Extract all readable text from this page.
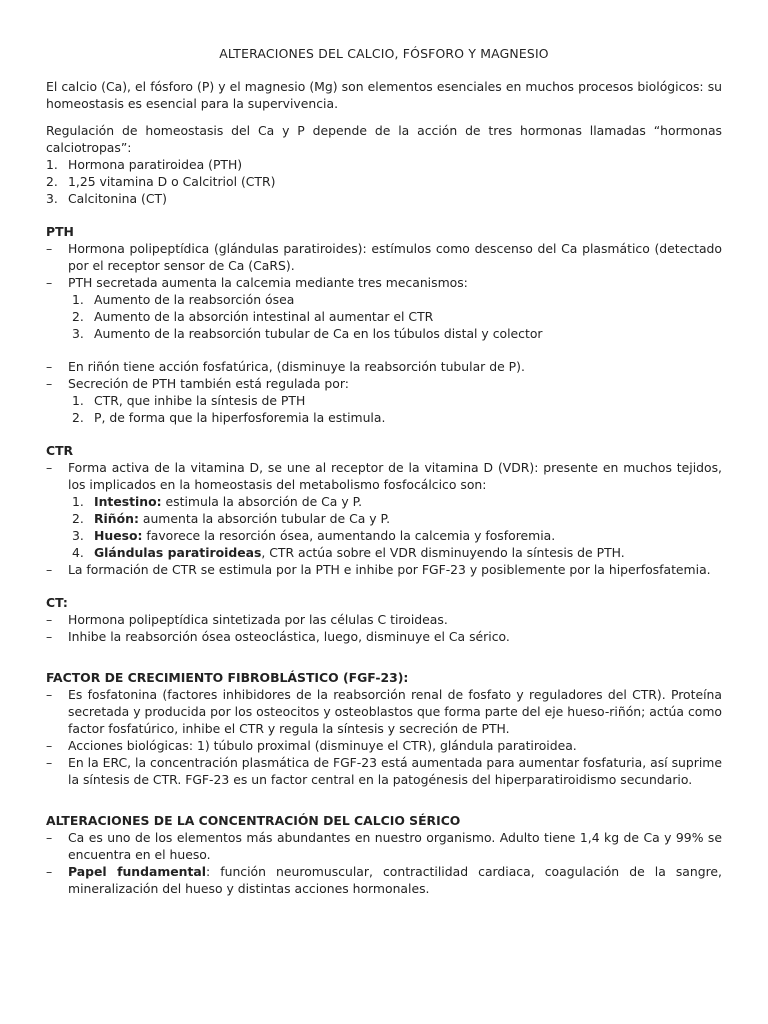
ALTERACIONES DEL CALCIO, FÓSFORO Y MAGNESIO

El calcio (Ca), el fósforo (P) y el magnesio (Mg) son elementos esenciales en muchos procesos biológicos: su homeostasis es esencial para la supervivencia.

Regulación de homeostasis del Ca y P depende de la acción de tres hormonas llamadas “hormonas calciotropas”:

1. Hormona paratiroidea (PTH)
2. 1,25 vitamina D o Calcitriol (CTR)
3. Calcitonina (CT)

PTH

– Hormona polipeptídica (glándulas paratiroides): estímulos como descenso del Ca plasmático (detectado por el receptor sensor de Ca (CaRS).
– PTH secretada aumenta la calcemia mediante tres mecanismos:
1. Aumento de la reabsorción ósea
2. Aumento de la absorción intestinal al aumentar el CTR
3. Aumento de la reabsorción tubular de Ca en los túbulos distal y colector
– En riñón tiene acción fosfatúrica, (disminuye la reabsorción tubular de P).
– Secreción de PTH también está regulada por:
1. CTR, que inhibe la síntesis de PTH
2. P, de forma que la hiperfosforemia la estimula.

CTR

– Forma activa de la vitamina D, se une al receptor de la vitamina D (VDR): presente en muchos tejidos, los implicados en la homeostasis del metabolismo fosfocálcico son:
1. Intestino: estimula la absorción de Ca y P.
2. Riñón: aumenta la absorción tubular de Ca y P.
3. Hueso: favorece la resorción ósea, aumentando la calcemia y fosforemia.
4. Glándulas paratiroideas, CTR actúa sobre el VDR disminuyendo la síntesis de PTH.
– La formación de CTR se estimula por la PTH e inhibe por FGF-23 y posiblemente por la hiperfosfatemia.

CT:

– Hormona polipeptídica sintetizada por las células C tiroideas.
– Inhibe la reabsorción ósea osteoclástica, luego, disminuye el Ca sérico.

FACTOR DE CRECIMIENTO FIBROBLÁSTICO (FGF-23):

– Es fosfatonina (factores inhibidores de la reabsorción renal de fosfato y reguladores del CTR). Proteína secretada y producida por los osteocitos y osteoblastos que forma parte del eje hueso-riñón; actúa como factor fosfatúrico, inhibe el CTR y regula la síntesis y secreción de PTH.
– Acciones biológicas: 1) túbulo proximal (disminuye el CTR), glándula paratiroidea.
– En la ERC, la concentración plasmática de FGF-23 está aumentada para aumentar fosfaturia, así suprime la síntesis de CTR. FGF-23 es un factor central en la patogénesis del hiperparatiroidismo secundario.

ALTERACIONES DE LA CONCENTRACIÓN DEL CALCIO SÉRICO

– Ca es uno de los elementos más abundantes en nuestro organismo. Adulto tiene 1,4 kg de Ca y 99% se encuentra en el hueso.
– Papel fundamental: función neuromuscular, contractilidad cardiaca, coagulación de la sangre, mineralización del hueso y distintas acciones hormonales.
